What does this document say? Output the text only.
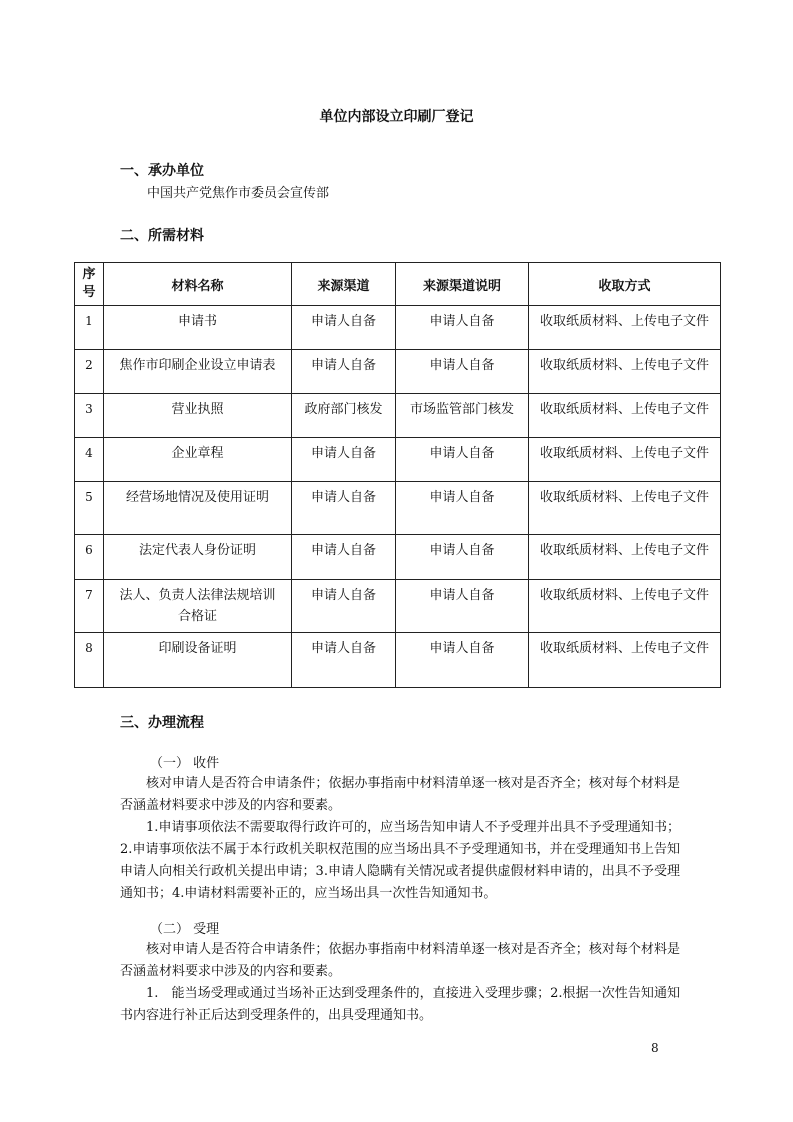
单位内部设立印刷厂登记
一、承办单位
中国共产党焦作市委员会宣传部
二、所需材料
序号	材料名称	来源渠道	来源渠道说明	收取方式
1	申请书	申请人自备	申请人自备	收取纸质材料、上传电子文件
2	焦作市印刷企业设立申请表	申请人自备	申请人自备	收取纸质材料、上传电子文件
3	营业执照	政府部门核发	市场监管部门核发	收取纸质材料、上传电子文件
4	企业章程	申请人自备	申请人自备	收取纸质材料、上传电子文件
5	经营场地情况及使用证明	申请人自备	申请人自备	收取纸质材料、上传电子文件
6	法定代表人身份证明	申请人自备	申请人自备	收取纸质材料、上传电子文件
7	法人、负责人法律法规培训合格证	申请人自备	申请人自备	收取纸质材料、上传电子文件
8	印刷设备证明	申请人自备	申请人自备	收取纸质材料、上传电子文件
三、办理流程
（一） 收件
核对申请人是否符合申请条件；依据办事指南中材料清单逐一核对是否齐全；核对每个材料是否涵盖材料要求中涉及的内容和要素。
1.申请事项依法不需要取得行政许可的，应当场告知申请人不予受理并出具不予受理通知书；2.申请事项依法不属于本行政机关职权范围的应当场出具不予受理通知书，并在受理通知书上告知申请人向相关行政机关提出申请；3.申请人隐瞒有关情况或者提供虚假材料申请的，出具不予受理通知书；4.申请材料需要补正的，应当场出具一次性告知通知书。
（二） 受理
核对申请人是否符合申请条件；依据办事指南中材料清单逐一核对是否齐全；核对每个材料是否涵盖材料要求中涉及的内容和要素。
1.　能当场受理或通过当场补正达到受理条件的，直接进入受理步骤；2.根据一次性告知通知书内容进行补正后达到受理条件的，出具受理通知书。
8
